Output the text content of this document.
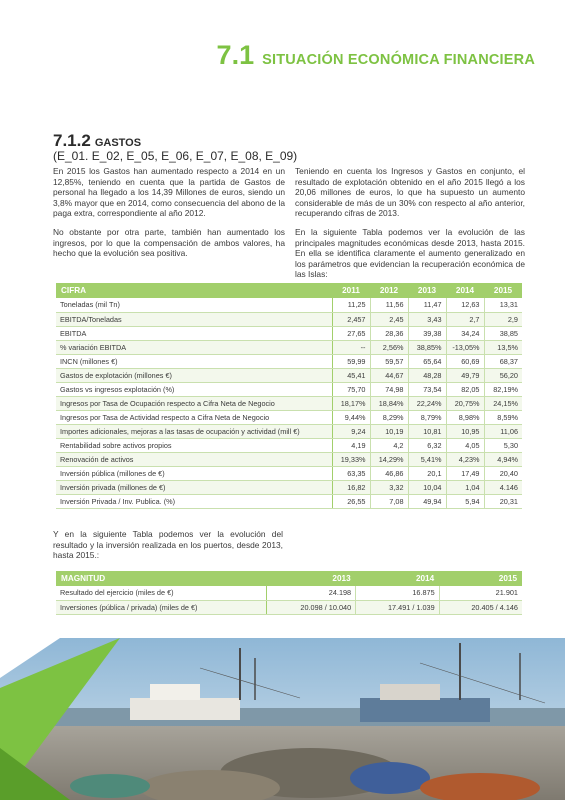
7.1 SITUACIÓN ECONÓMICA FINANCIERA
7.1.2 GASTOS
(E_01. E_02, E_05, E_06, E_07, E_08, E_09)

En 2015 los Gastos han aumentado respecto a 2014 en un 12,85%, teniendo en cuenta que la partida de Gastos de personal ha llegado a los 14,39 Millones de euros, siendo un 3,8% mayor que en 2014, como consecuencia del abono de la paga extra, correspondiente al año 2012.

No obstante por otra parte, también han aumentado los ingresos, por lo que la compensación de ambos valores, ha hecho que la evolución sea positiva.

Teniendo en cuenta los Ingresos y Gastos en conjunto, el resultado de explotación obtenido en el año 2015 llegó a los 20,06 millones de euros, lo que ha supuesto un aumento considerable de más de un 30% con respecto al año anterior, recuperando cifras de 2013.

En la siguiente Tabla podemos ver la evolución de las principales magnitudes económicas desde 2013, hasta 2015. En ella se identifica claramente el aumento generalizado en los parámetros que evidencian la recuperación económica de las Islas:

CIFRA	2011	2012	2013	2014	2015
Toneladas (mil Tn)	11,25	11,56	11,47	12,63	13,31
EBITDA/Toneladas	2,457	2,45	3,43	2,7	2,9
EBITDA	27,65	28,36	39,38	34,24	38,85
% variación EBITDA	--	2,56%	38,85%	-13,05%	13,5%
INCN (millones €)	59,99	59,57	65,64	60,69	68,37
Gastos de explotación (millones €)	45,41	44,67	48,28	49,79	56,20
Gastos vs ingresos explotación (%)	75,70	74,98	73,54	82,05	82,19%
Ingresos por Tasa de Ocupación respecto a Cifra Neta de Negocio	18,17%	18,84%	22,24%	20,75%	24,15%
Ingresos por Tasa de Actividad respecto a Cifra Neta de Negocio	9,44%	8,29%	8,79%	8,98%	8,59%
Importes adicionales, mejoras a las tasas de ocupación y actividad (mill €)	9,24	10,19	10,81	10,95	11,06
Rentabilidad sobre activos propios	4,19	4,2	6,32	4,05	5,30
Renovación de activos	19,33%	14,29%	5,41%	4,23%	4,94%
Inversión pública (millones de €)	63,35	46,86	20,1	17,49	20,40
Inversión privada (millones de €)	16,82	3,32	10,04	1,04	4.146
Inversión Privada / Inv. Publica. (%)	26,55	7,08	49,94	5,94	20,31
Y en la siguiente Tabla podemos ver la evolución del resultado y la inversión realizada en los puertos, desde 2013, hasta 2015.:
MAGNITUD	2013	2014	2015
Resultado del ejercicio (miles de €)	24.198	16.875	21.901
Inversiones (pública / privada) (miles de €)	20.098 / 10.040	17.491 / 1.039	20.405 / 4.146
